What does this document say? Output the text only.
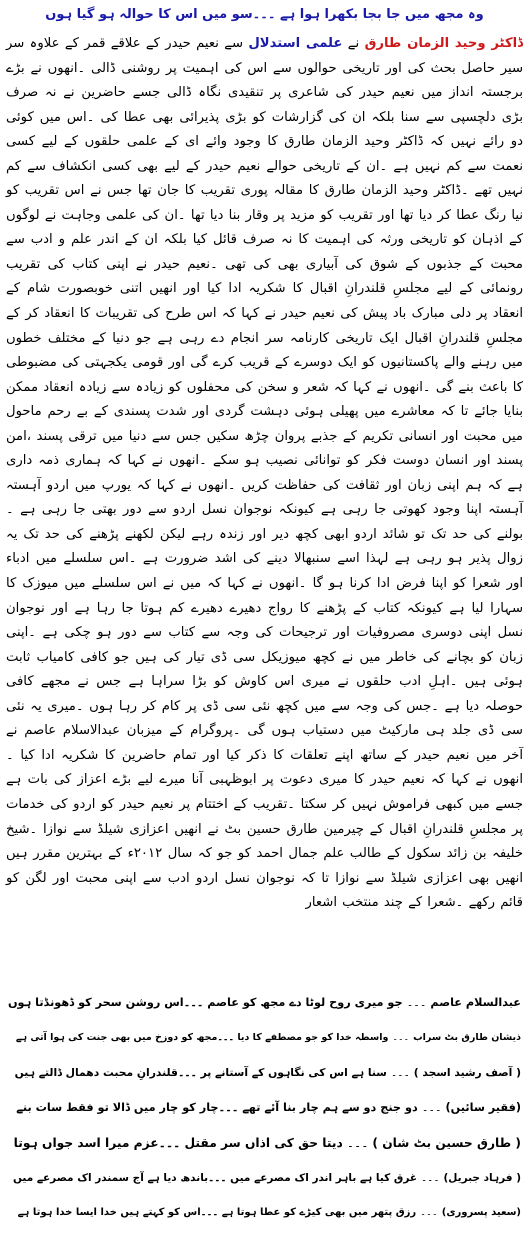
وہ مجھ میں جا بجا بکھرا ہوا ہے ۔۔۔سو میں اس کا حوالہ ہو گیا ہوں
ڈاکٹر وحید الزمان طارق نے علمی استدلال سے نعیم حیدر کے علاقے قمر کے علاوہ سر سیر حاصل بحث کی اور تاریخی حوالوں سے اس کی اہمیت پر روشنی ڈالی ۔انھوں نے بڑے برجستہ انداز میں نعیم حیدر کی شاعری پر تنقیدی نگاہ ڈالی جسے حاضرین نے نہ صرف بڑی دلچسپی سے سنا بلکہ ان کی گزارشات کو بڑی پذیرائی بھی عطا کی ۔اس میں کوئی دو رائے نہیں کہ ڈاکٹر وحید الزمان طارق کا وجود وائے ای کے علمی حلقوں کے لیے کسی نعمت سے کم نہیں ہے ۔ان کے تاریخی حوالے نعیم حیدر کے لیے بھی کسی انکشاف سے کم نہیں تھے ۔ڈاکٹر وحید الزمان طارق کا مقالہ پوری تقریب کا جان تھا جس نے اس تقریب کو نیا رنگ عطا کر دیا تھا اور تقریب کو مزید پر وقار بنا دیا تھا ۔ان کی علمی وجاہت نے لوگوں کے اذہان کو تاریخی ورثہ کی اہمیت کا نہ صرف قائل کیا بلکہ ان کے اندر علم و ادب سے محبت کے جذبوں کے شوق کی آبیاری بھی کی تھی ۔نعیم حیدر نے اپنی کتاب کی تقریب رونمائی کے لیے مجلسِ قلندرانِ اقبال کا شکریہ ادا کیا اور انھیں اتنی خوبصورت شام کے انعقاد پر دلی مبارک باد پیش کی نعیم حیدر نے کہا کہ اس طرح کی تقریبات کا انعقاد کر کے مجلسِ قلندرانِ اقبال ایک تاریخی کارنامہ سر انجام دے رہی ہے جو دنیا کے مختلف خطوں میں رہنے والے پاکستانیوں کو ایک دوسرے کے قریب کرے گی اور قومی یکجہتی کی مضبوطی کا باعث بنے گی ۔انھوں نے کہا کہ شعر و سخن کی محفلوں کو زیادہ سے زیادہ انعقاد ممکن بنایا جائے تا کہ معاشرے میں پھیلی ہوئی دہشت گردی اور شدت پسندی کے بے رحم ماحول میں محبت اور انسانی تکریم کے جذبے پروان چڑھ سکیں جس سے دنیا میں ترقی پسند ،امن پسند اور انسان دوست فکر کو توانائی نصیب ہو سکے ۔انھوں نے کہا کہ ہماری ذمہ داری ہے کہ ہم اپنی زبان اور ثقافت کی حفاظت کریں ۔انھوں نے کہا کہ یورپ میں اردو آہستہ آہستہ اپنا وجود کھوتی جا رہی ہے کیونکہ نوجوان نسل اردو سے دور بھتی جا رہی ہے ۔بولنے کی حد تک تو شائد اردو ابھی کچھ دیر اور زندہ رہے لیکن لکھنے پڑھنے کی حد تک یہ زوال پذیر ہو رہی ہے لہذا اسے سنبھالا دینے کی اشد ضرورت ہے ۔اس سلسلے میں ادباء اور شعرا کو اپنا فرض ادا کرنا ہو گا ۔انھوں نے کہا کہ میں نے اس سلسلے میں میوزک کا سہارا لیا ہے کیونکہ کتاب کے پڑھنے کا رواج دھیرے دھیرے کم ہوتا جا رہا ہے اور نوجوان نسل اپنی دوسری مصروفیات اور ترجیحات کی وجہ سے کتاب سے دور ہو چکی ہے ۔اپنی زبان کو بچانے کی خاطر میں نے کچھ میوزیکل سی ڈی تیار کی ہیں جو کافی کامیاب ثابت ہوئی ہیں ۔اہلِ ادب حلقوں نے میری اس کاوش کو بڑا سراہا ہے جس نے مجھے کافی حوصلہ دیا ہے ۔جس کی وجہ سے میں کچھ نئی سی ڈی پر کام کر رہا ہوں ۔میری یہ نئی سی ڈی جلد ہی مارکیٹ میں دستیاب ہوں گی ۔پروگرام کے میزبان عبدالاسلام عاصم نے آخر میں نعیم حیدر کے ساتھ اپنے تعلقات کا ذکر کیا اور تمام حاضرین کا شکریہ ادا کیا ۔انھوں نے کہا کہ نعیم حیدر کا میری دعوت پر ابوظہبی آنا میرے لیے بڑے اعزاز کی بات ہے جسے میں کبھی فراموش نہیں کر سکتا ۔تقریب کے اختتام پر نعیم حیدر کو اردو کی خدمات پر مجلسِ قلندرانِ اقبال کے چیرمین طارق حسین بٹ نے انھیں اعزازی شیلڈ سے نوازا ۔شیخ خلیفہ بن زائد سکول کے طالب علم جمال احمد کو جو کہ سال ۲۰۱۲ء کے بہترین مقرر ہیں انھیں بھی اعزازی شیلڈ سے نوازا تا کہ نوجوان نسل اردو ادب سے اپنی محبت اور لگن کو قائم رکھے ۔شعرا کے چند منتخب اشعار
عبدالسلام عاصم۔۔۔جو میری روح لوٹا دے مجھ کو عاصم ۔۔۔اس روشن سحر کو ڈھونڈتا ہوں
ذیشان طارق بٹ سراب۔۔۔واسطہ خدا کو جو مصطفے کا دیا ۔۔۔مجھ کو دوزخ میں بھی جنت کی ہوا آتی ہے
( آصف رشید اسجد )۔۔۔سنا ہے اس کی نگاہوں کے آستانے پر ۔۔۔قلندرانِ محبت دھمال ڈالتے ہیں
(فقیر سائیں)۔۔۔دو جنج دو سے ہم چار بنا آئے تھے ۔۔۔چار کو چار میں ڈالا تو فقط سات بنے
( طارق حسین بٹ شان )۔۔۔دیتا حق کی اذاں سر مقتل ۔۔۔عزم میرا اسد جواں ہوتا
( فرہاد جبریل)۔۔۔غرق کیا ہے باہر اندر اک مصرعے میں ۔۔۔باندھ دیا ہے آج سمندر اک مصرعے میں
(سعید پسروری)۔۔۔رزق پتھر میں بھی کیڑے کو عطا ہوتا ہے ۔۔۔اس کو کہتے ہیں خدا ایسا خدا ہوتا ہے
